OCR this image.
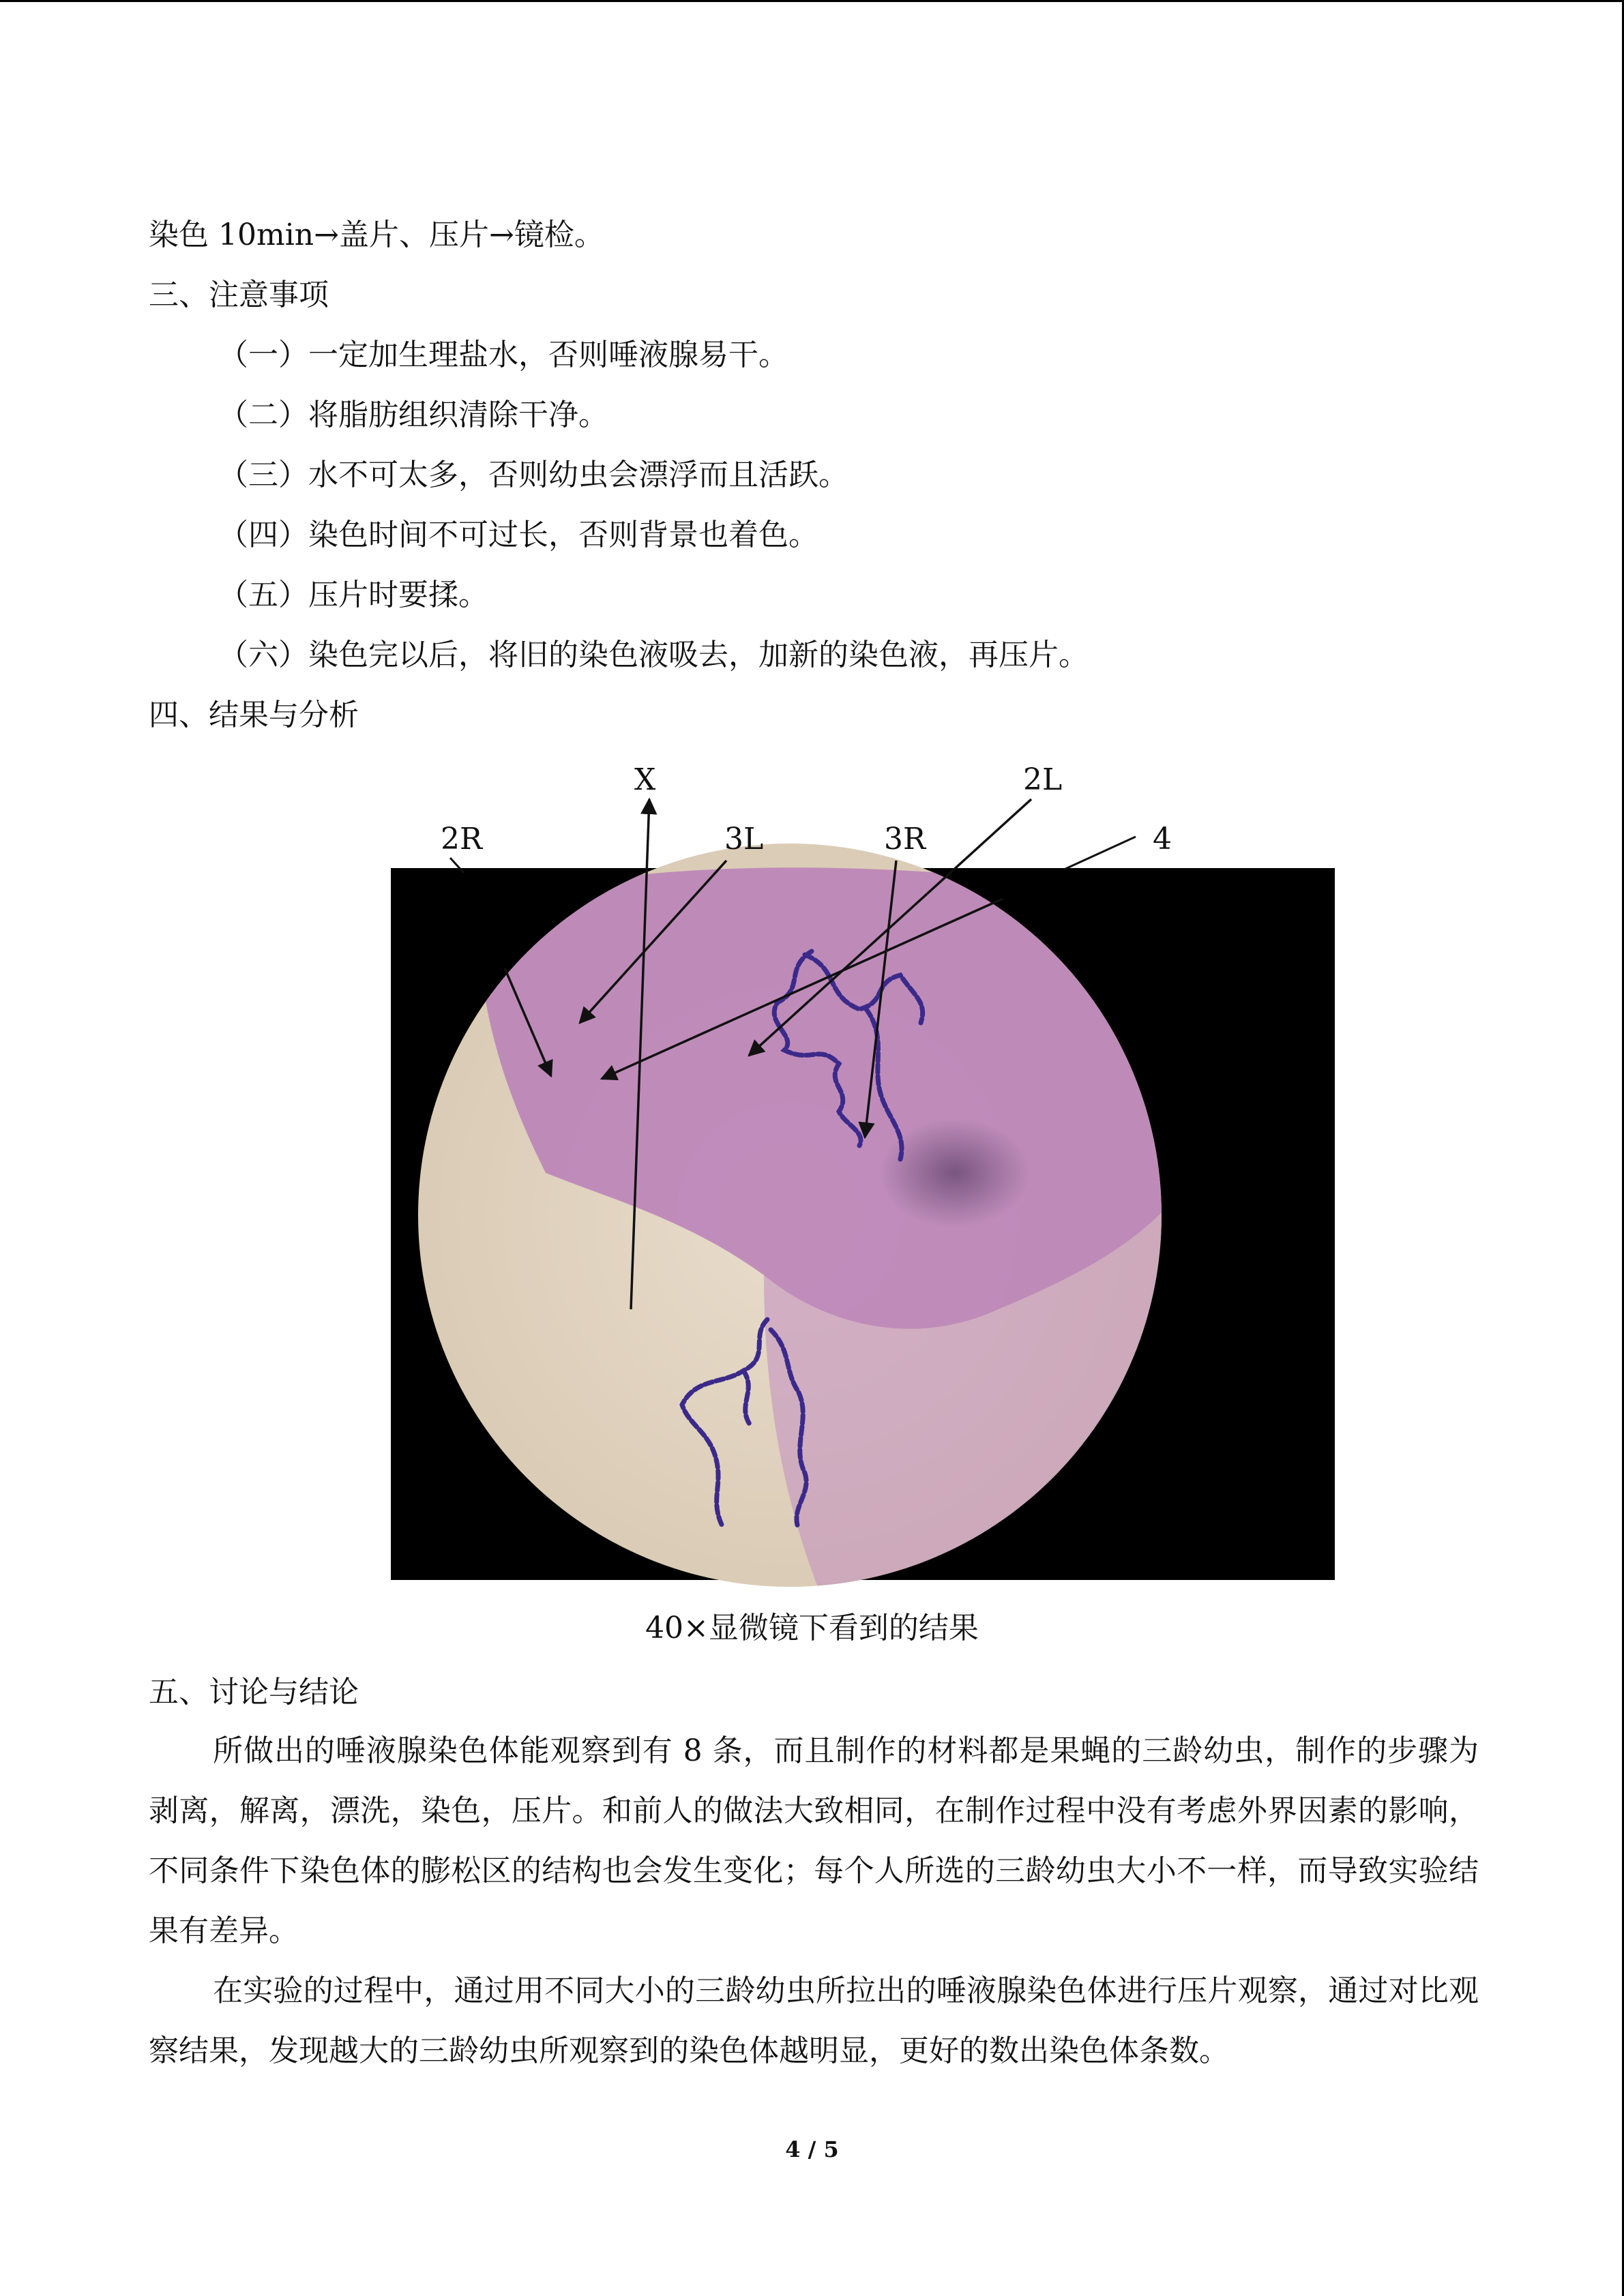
染色 10min→盖片、压片→镜检。
三、注意事项
（一）一定加生理盐水，否则唾液腺易干。
（二）将脂肪组织清除干净。
（三）水不可太多，否则幼虫会漂浮而且活跃。
（四）染色时间不可过长，否则背景也着色。
（五）压片时要揉。
（六）染色完以后，将旧的染色液吸去，加新的染色液，再压片。
四、结果与分析
X	2L
2R	3L	3R	4
40×显微镜下看到的结果
五、讨论与结论
所做出的唾液腺染色体能观察到有 8 条，而且制作的材料都是果蝇的三龄幼虫，制作的步骤为剥离，解离，漂洗，染色，压片。和前人的做法大致相同，在制作过程中没有考虑外界因素的影响，不同条件下染色体的膨松区的结构也会发生变化；每个人所选的三龄幼虫大小不一样，而导致实验结果有差异。
在实验的过程中，通过用不同大小的三龄幼虫所拉出的唾液腺染色体进行压片观察，通过对比观察结果，发现越大的三龄幼虫所观察到的染色体越明显，更好的数出染色体条数。
4 / 5
